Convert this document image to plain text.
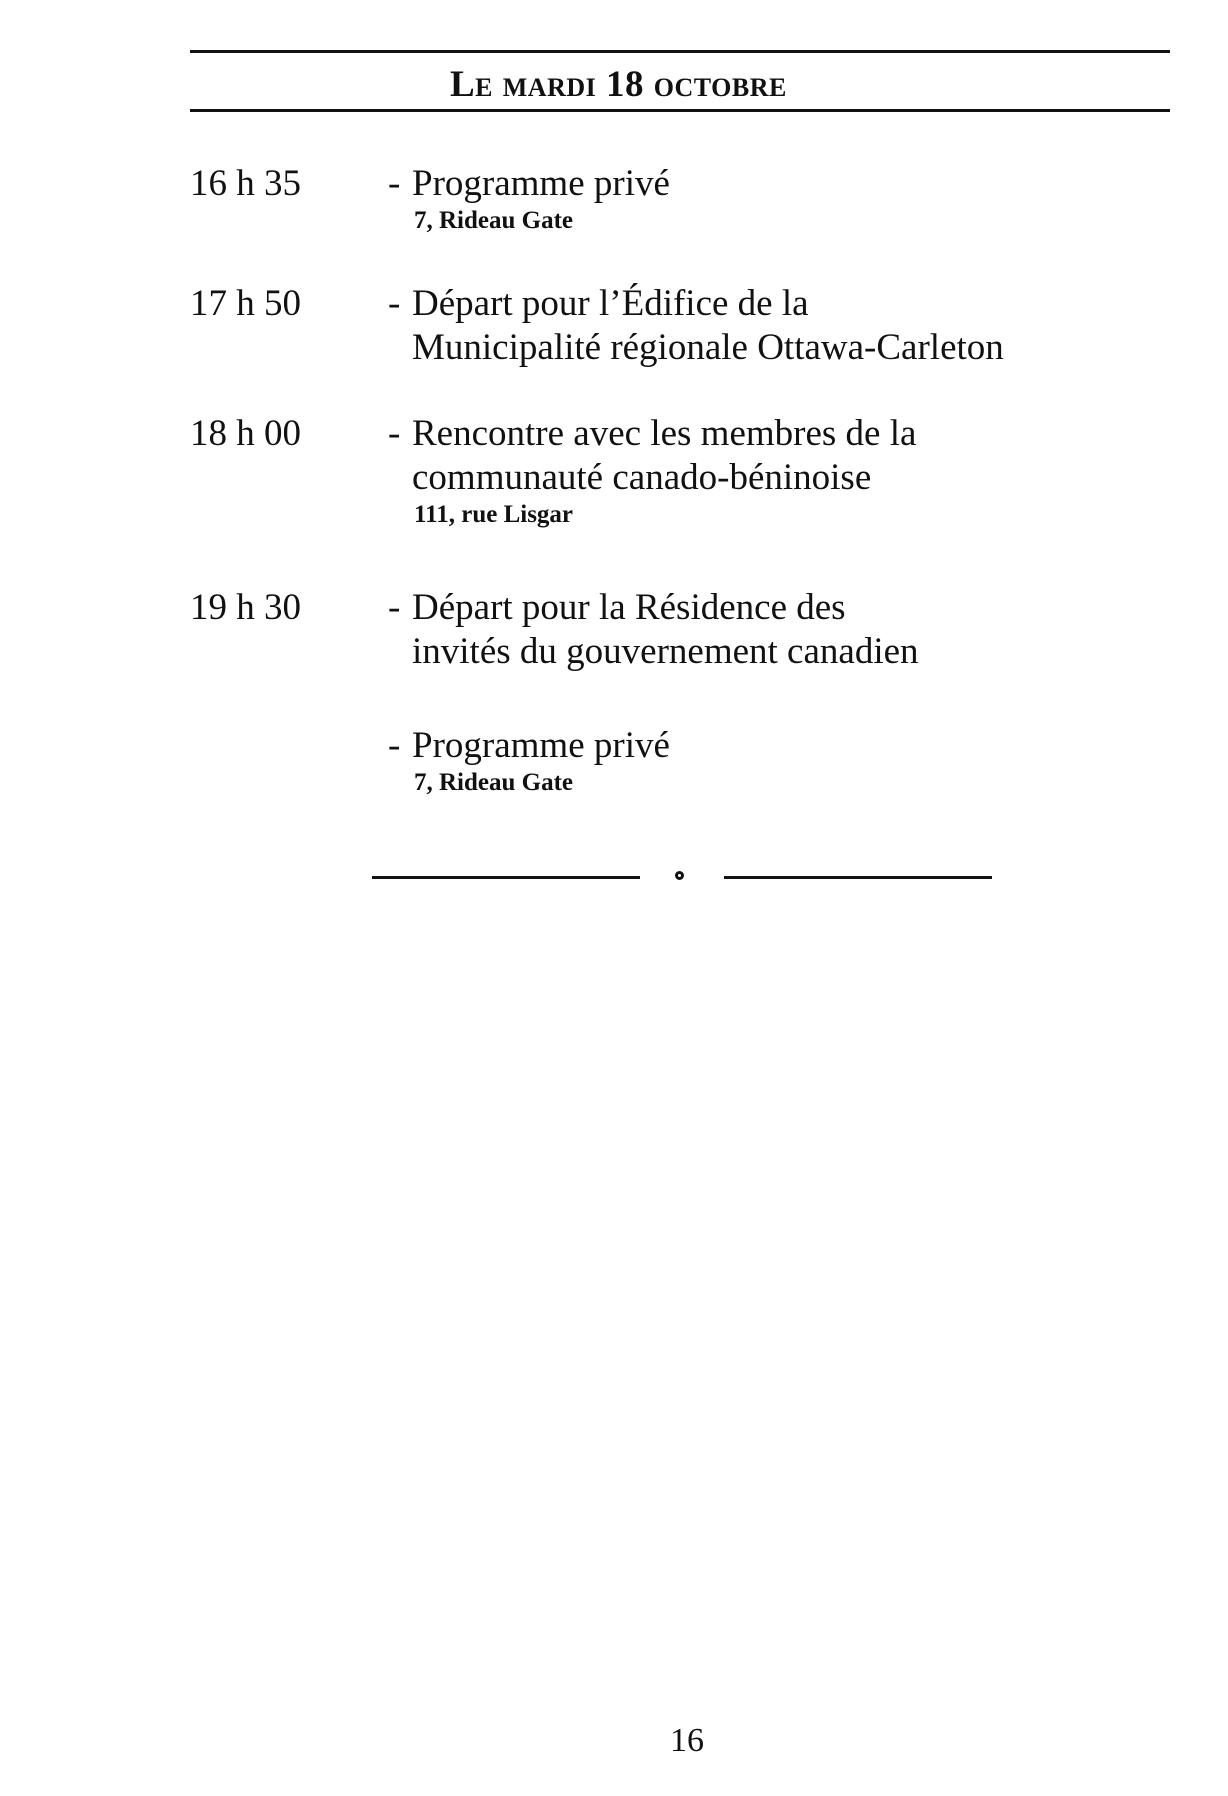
Le mardi 18 octobre
16 h 35 - Programme privé
7, Rideau Gate
17 h 50 - Départ pour l’Édifice de la
Municipalité régionale Ottawa-Carleton
18 h 00 - Rencontre avec les membres de la
communauté canado-béninoise
111, rue Lisgar
19 h 30 - Départ pour la Résidence des
invités du gouvernement canadien
- Programme privé
7, Rideau Gate
16
